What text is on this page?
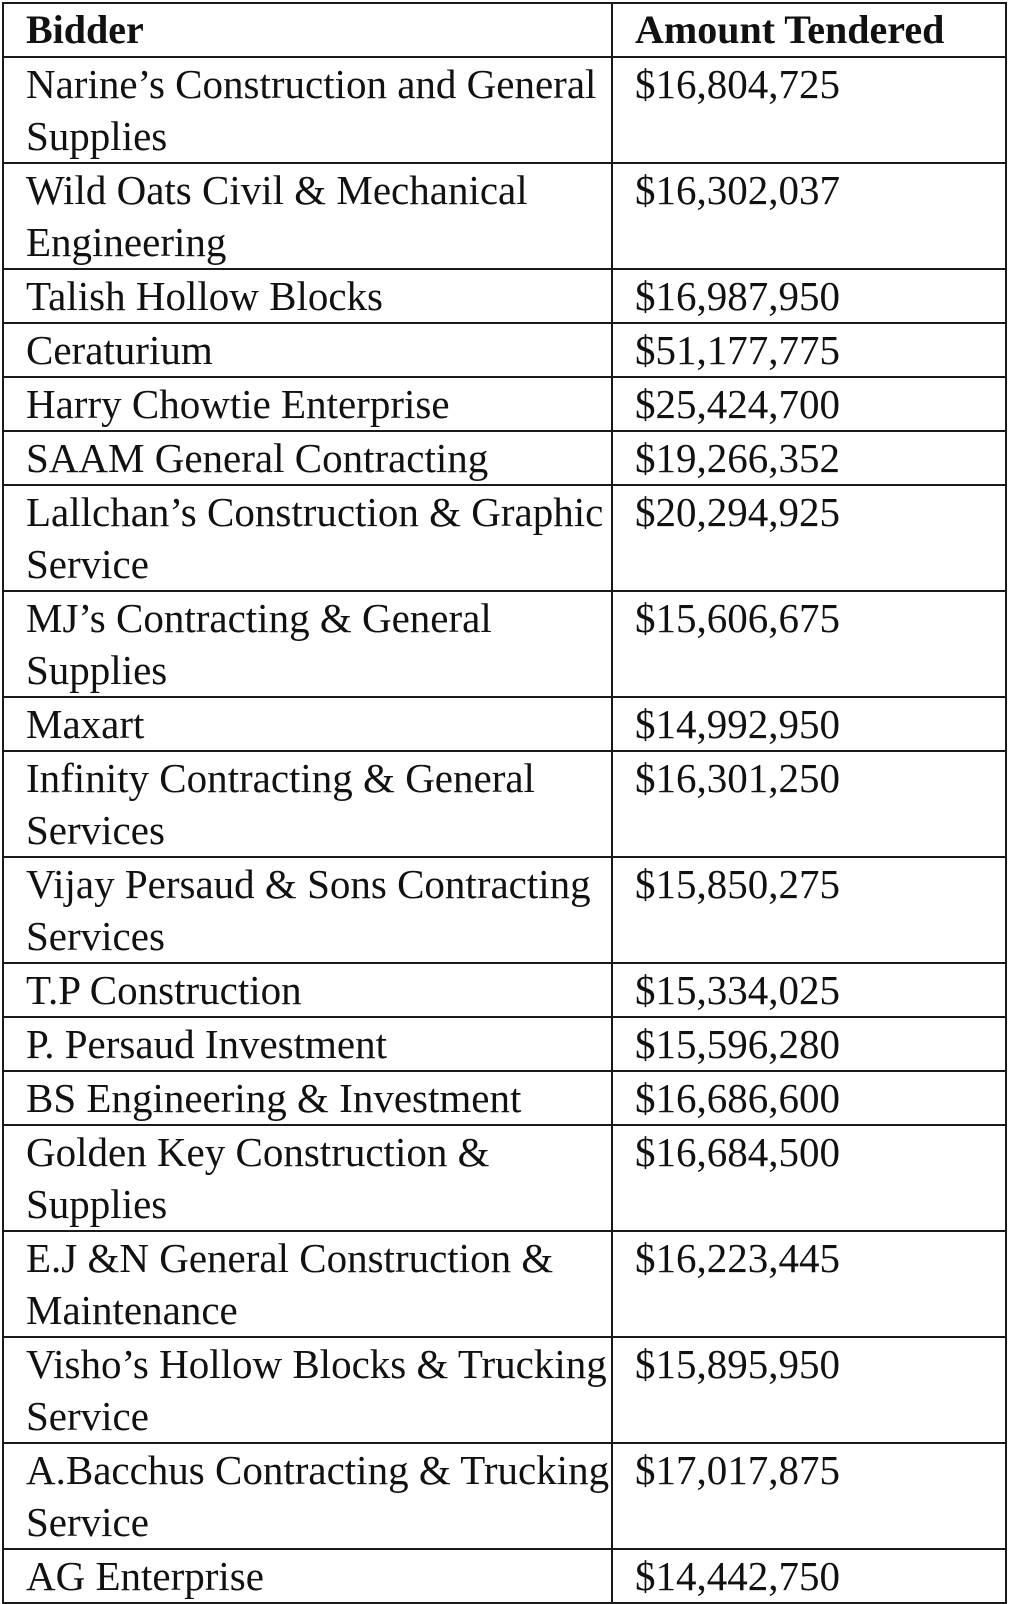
Bidder	Amount Tendered
Narine’s Construction and General Supplies	$16,804,725
Wild Oats Civil & Mechanical Engineering	$16,302,037
Talish Hollow Blocks	$16,987,950
Ceraturium	$51,177,775
Harry Chowtie Enterprise	$25,424,700
SAAM General Contracting	$19,266,352
Lallchan’s Construction & Graphic Service	$20,294,925
MJ’s Contracting & General Supplies	$15,606,675
Maxart	$14,992,950
Infinity Contracting & General Services	$16,301,250
Vijay Persaud & Sons Contracting Services	$15,850,275
T.P Construction	$15,334,025
P. Persaud Investment	$15,596,280
BS Engineering & Investment	$16,686,600
Golden Key Construction & Supplies	$16,684,500
E.J &N General Construction & Maintenance	$16,223,445
Visho’s Hollow Blocks & Trucking Service	$15,895,950
A.Bacchus Contracting & Trucking Service	$17,017,875
AG Enterprise	$14,442,750
